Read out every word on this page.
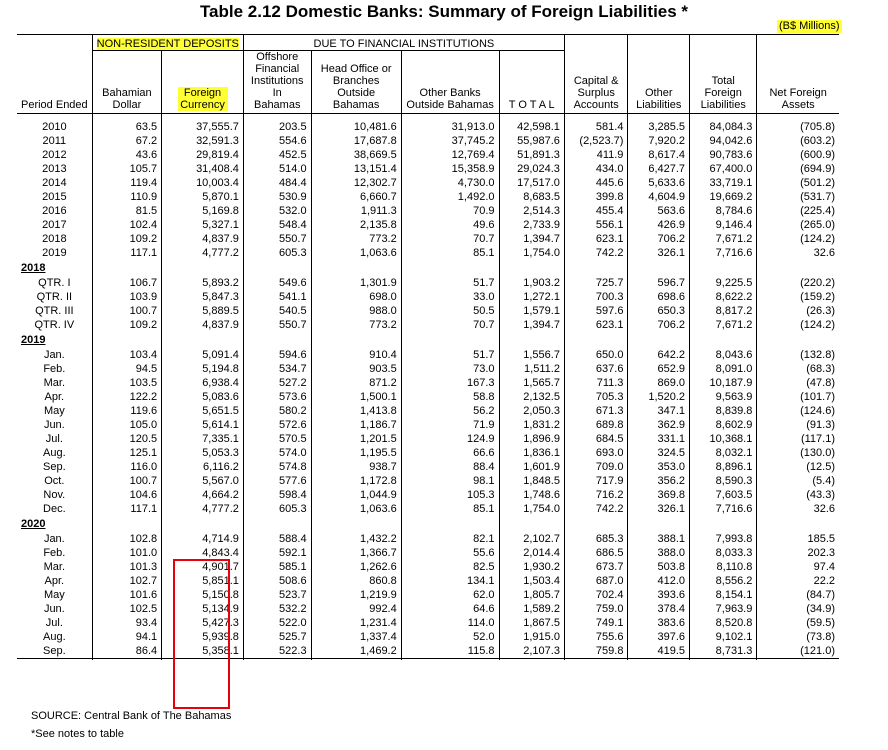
Table 2.12 Domestic Banks: Summary of Foreign Liabilities *
(B$ Millions)
	NON-RESIDENT DEPOSITS		DUE TO FINANCIAL INSTITUTIONS							
Period Ended	Bahamian Dollar	Foreign Currency	Offshore Financial Institutions In Bahamas	Head Office or Branches Outside Bahamas	Other Banks Outside Bahamas	T O T A L	Capital & Surplus Accounts	Other Liabilities	Total Foreign Liabilities	Net Foreign Assets

2010	63.5	37,555.7	203.5	10,481.6	31,913.0	42,598.1	581.4	3,285.5	84,084.3	(705.8)
2011	67.2	32,591.3	554.6	17,687.8	37,745.2	55,987.6	(2,523.7)	7,920.2	94,042.6	(603.2)
2012	43.6	29,819.4	452.5	38,669.5	12,769.4	51,891.3	411.9	8,617.4	90,783.6	(600.9)
2013	105.7	31,408.4	514.0	13,151.4	15,358.9	29,024.3	434.0	6,427.7	67,400.0	(694.9)
2014	119.4	10,003.4	484.4	12,302.7	4,730.0	17,517.0	445.6	5,633.6	33,719.1	(501.2)
2015	110.9	5,870.1	530.9	6,660.7	1,492.0	8,683.5	399.8	4,604.9	19,669.2	(531.7)
2016	81.5	5,169.8	532.0	1,911.3	70.9	2,514.3	455.4	563.6	8,784.6	(225.4)
2017	102.4	5,327.1	548.4	2,135.8	49.6	2,733.9	556.1	426.9	9,146.4	(265.0)
2018	109.2	4,837.9	550.7	773.2	70.7	1,394.7	623.1	706.2	7,671.2	(124.2)
2019	117.1	4,777.2	605.3	1,063.6	85.1	1,754.0	742.2	326.1	7,716.6	32.6
2018										
QTR. I	106.7	5,893.2	549.6	1,301.9	51.7	1,903.2	725.7	596.7	9,225.5	(220.2)
QTR. II	103.9	5,847.3	541.1	698.0	33.0	1,272.1	700.3	698.6	8,622.2	(159.2)
QTR. III	100.7	5,889.5	540.5	988.0	50.5	1,579.1	597.6	650.3	8,817.2	(26.3)
QTR. IV	109.2	4,837.9	550.7	773.2	70.7	1,394.7	623.1	706.2	7,671.2	(124.2)
2019										
Jan.	103.4	5,091.4	594.6	910.4	51.7	1,556.7	650.0	642.2	8,043.6	(132.8)
Feb.	94.5	5,194.8	534.7	903.5	73.0	1,511.2	637.6	652.9	8,091.0	(68.3)
Mar.	103.5	6,938.4	527.2	871.2	167.3	1,565.7	711.3	869.0	10,187.9	(47.8)
Apr.	122.2	5,083.6	573.6	1,500.1	58.8	2,132.5	705.3	1,520.2	9,563.9	(101.7)
May	119.6	5,651.5	580.2	1,413.8	56.2	2,050.3	671.3	347.1	8,839.8	(124.6)
Jun.	105.0	5,614.1	572.6	1,186.7	71.9	1,831.2	689.8	362.9	8,602.9	(91.3)
Jul.	120.5	7,335.1	570.5	1,201.5	124.9	1,896.9	684.5	331.1	10,368.1	(117.1)
Aug.	125.1	5,053.3	574.0	1,195.5	66.6	1,836.1	693.0	324.5	8,032.1	(130.0)
Sep.	116.0	6,116.2	574.8	938.7	88.4	1,601.9	709.0	353.0	8,896.1	(12.5)
Oct.	100.7	5,567.0	577.6	1,172.8	98.1	1,848.5	717.9	356.2	8,590.3	(5.4)
Nov.	104.6	4,664.2	598.4	1,044.9	105.3	1,748.6	716.2	369.8	7,603.5	(43.3)
Dec.	117.1	4,777.2	605.3	1,063.6	85.1	1,754.0	742.2	326.1	7,716.6	32.6
2020										
Jan.	102.8	4,714.9	588.4	1,432.2	82.1	2,102.7	685.3	388.1	7,993.8	185.5
Feb.	101.0	4,843.4	592.1	1,366.7	55.6	2,014.4	686.5	388.0	8,033.3	202.3
Mar.	101.3	4,901.7	585.1	1,262.6	82.5	1,930.2	673.7	503.8	8,110.8	97.4
Apr.	102.7	5,851.1	508.6	860.8	134.1	1,503.4	687.0	412.0	8,556.2	22.2
May	101.6	5,150.8	523.7	1,219.9	62.0	1,805.7	702.4	393.6	8,154.1	(84.7)
Jun.	102.5	5,134.9	532.2	992.4	64.6	1,589.2	759.0	378.4	7,963.9	(34.9)
Jul.	93.4	5,427.3	522.0	1,231.4	114.0	1,867.5	749.1	383.6	8,520.8	(59.5)
Aug.	94.1	5,939.8	525.7	1,337.4	52.0	1,915.0	755.6	397.6	9,102.1	(73.8)
Sep.	86.4	5,358.1	522.3	1,469.2	115.8	2,107.3	759.8	419.5	8,731.3	(121.0)

SOURCE: Central Bank of The Bahamas
*See notes to table
